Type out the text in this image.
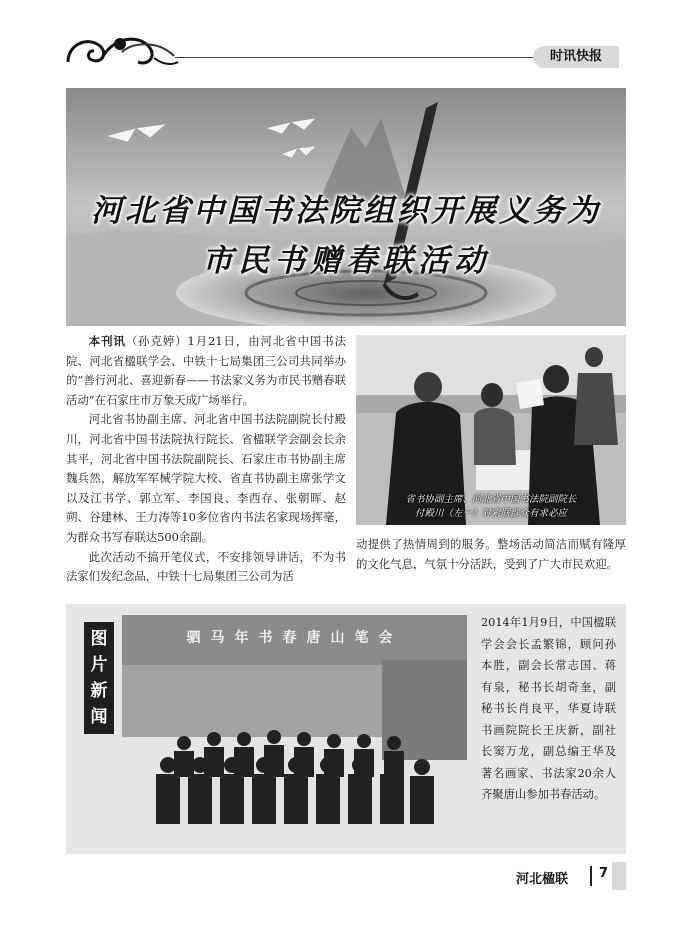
时讯快报
河北省中国书法院组织开展义务为
市民书赠春联活动

本刊讯（孙克婷）1月21日，由河北省中国书法院、河北省楹联学会、中铁十七局集团三公司共同举办的“善行河北、喜迎新春——书法家义务为市民书赠春联活动”在石家庄市万象天成广场举行。

河北省书协副主席、河北省中国书法院副院长付殿川，河北省中国书法院执行院长、省楹联学会副会长余其平，河北省中国书法院副院长、石家庄市书协副主席魏兵然，解放军军械学院大校、省直书协副主席张学文以及江书学、郭立军、李国良、李西存、张朝晖、赵朔、谷建林、王力涛等10多位省内书法名家现场挥毫，为群众书写春联达500余副。

此次活动不搞开笔仪式，不安排领导讲话，不为书法家们发纪念品，中铁十七局集团三公司为活

省书协副主席、河北省中国书法院副院长
付殿川（左一）对索联群众有求必应
动提供了热情周到的服务。整场活动简洁而赋有隆厚的文化气息，气氛十分活跃，受到了广大市民欢迎。
图片新闻
驷马年书春唐山笔会
2014年1月9日，中国楹联学会会长孟繁锦，顾问孙本胜，副会长常志国、蒋有泉，秘书长胡奇奎，副秘书长肖良平，华夏诗联书画院院长王庆新，副社长窦万龙，副总编王华及著名画家、书法家20余人齐聚唐山参加书春活动。
河北楹联 7
